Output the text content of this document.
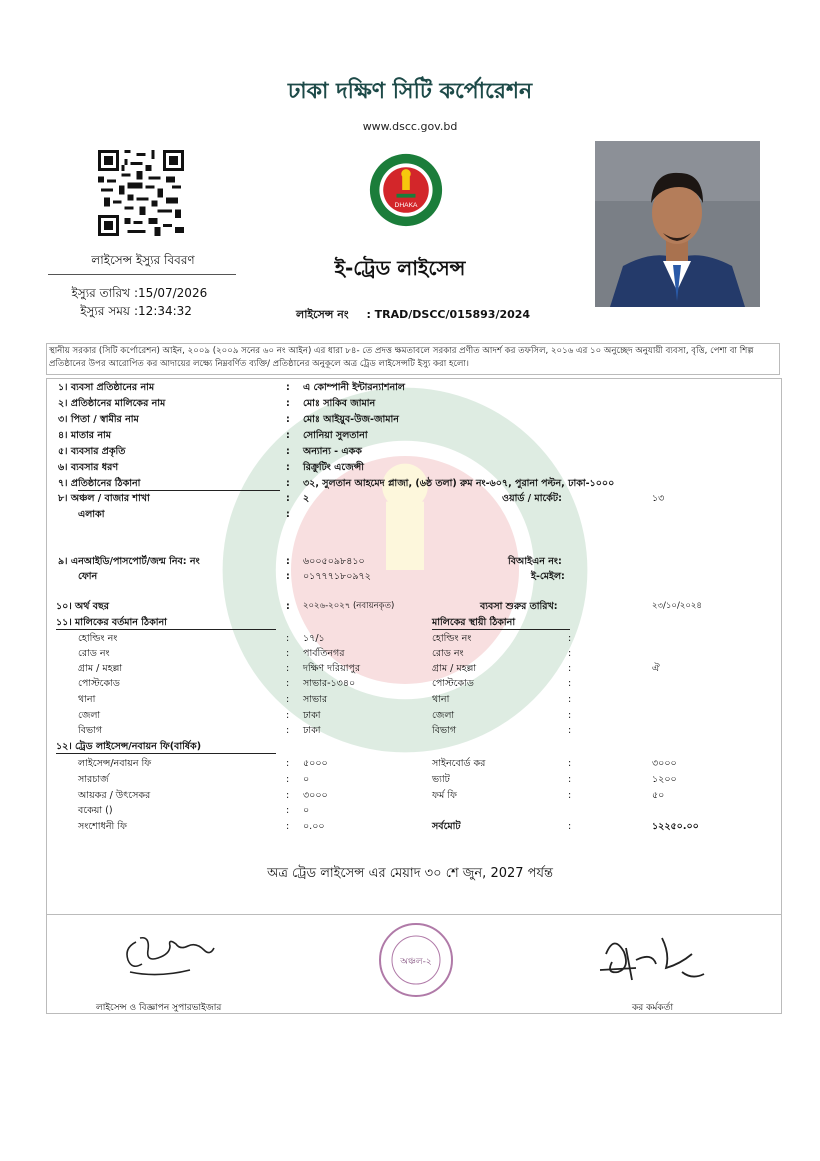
ঢাকা দক্ষিণ সিটি কর্পোরেশন
www.dscc.gov.bd
DHAKA
লাইসেন্স ইস্যুর বিবরণ
ইস্যুর তারিখ :15/07/2026
ইস্যুর সময় :12:34:32
ই-ট্রেড লাইসেন্স
লাইসেন্স নং : TRAD/DSCC/015893/2024
স্থানীয় সরকার (সিটি কর্পোরেশন) আইন, ২০০৯ (২০০৯ সনের ৬০ নং আইন) এর ধারা ৮৪- তে প্রদত্ত ক্ষমতাবলে সরকার প্রণীত আদর্শ কর তফসিল, ২০১৬ এর ১০ অনুচ্ছেদ অনুযায়ী ব্যবসা, বৃত্তি, পেশা বা শিল্প প্রতিষ্ঠানের উপর আরোপিত কর আদায়ের লক্ষ্যে নিম্নবর্ণিত ব্যক্তি/ প্রতিষ্ঠানের অনুকূলে অত্র ট্রেড লাইসেন্সটি ইস্যু করা হলো।
১। ব্যবসা প্রতিষ্ঠানের নাম	: এ কোম্পানী ইন্টারন্যাশনাল
২। প্রতিষ্ঠানের মালিকের নাম	: মোঃ সাকিব জামান
৩। পিতা / স্বামীর নাম	: মোঃ আইয়ুব-উজ-জামান
৪। মাতার নাম	: সোনিয়া সুলতানা
৫। ব্যবসার প্রকৃতি	: অন্যান্য - একক
৬। ব্যবসার ধরণ	: রিক্রুটিং এজেন্সী
৭। প্রতিষ্ঠানের ঠিকানা	: ৩২, সুলতান আহমেদ প্লাজা, (৬ষ্ঠ তলা) রুম নং-৬০৭, পুরানা পল্টন, ঢাকা-১০০০
৮। অঞ্চল / বাজার শাখা	: ২	ওয়ার্ড / মার্কেট:	১৩
এলাকা	:
৯। এনআইডি/পাসপোর্ট/জন্ম নিব: নং	: ৬০০৫০৯৮৪১০	বিআইএন নং:
ফোন	: ০১৭৭৭১৮০৯৭২	ই-মেইল:
১০। অর্থ বছর	: ২০২৬-২০২৭ (নবায়নকৃত)	ব্যবসা শুরুর তারিখ:	২৩/১০/২০২৪
১১। মালিকের বর্তমান ঠিকানা	মালিকের স্থায়ী ঠিকানা
হোল্ডিং নং	: ১৭/১	হোল্ডিং নং	:
রোড নং	: পার্বতিনগর	রোড নং	:
গ্রাম / মহল্লা	: দক্ষিণ দরিয়াপুর	গ্রাম / মহল্লা	:	ঐ
পোস্টকোড	: সাভার-১৩৪০	পোস্টকোড	:
থানা	: সাভার	থানা	:
জেলা	: ঢাকা	জেলা	:
বিভাগ	: ঢাকা	বিভাগ	:
১২। ট্রেড লাইসেন্স/নবায়ন ফি(বার্ষিক)
লাইসেন্স/নবায়ন ফি	: ৫০০০	সাইনবোর্ড কর	:	৩০০০
সারচার্জ	: ০	ভ্যাট	:	১২০০
আয়কর / উৎসেকর	: ৩০০০	ফর্ম ফি	:	৫০
বকেয়া ()	: ০
সংশোধনী ফি	: ০.০০	সর্বমোট	:	১২২৫০.০০
অত্র ট্রেড লাইসেন্স এর মেয়াদ ৩০ শে জুন, 2027 পর্যন্ত
অঞ্চল-২
লাইসেন্স ও বিজ্ঞাপন সুপারভাইজার	কর কর্মকর্তা
